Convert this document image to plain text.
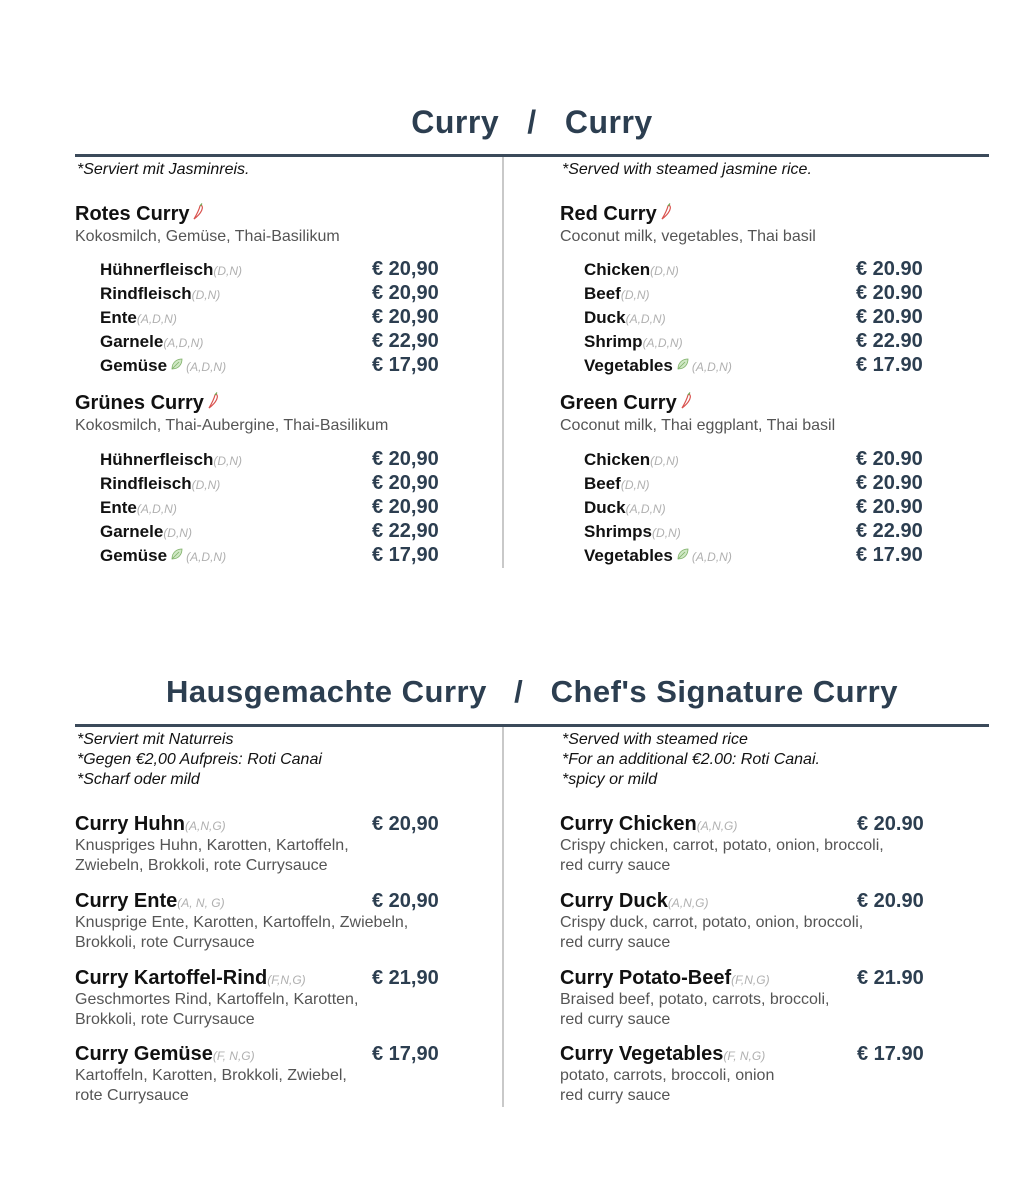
Curry   /   Curry
*Serviert mit Jasminreis.
Rotes Curry
Kokosmilch, Gemüse, Thai-Basilikum
Hühnerfleisch(D,N)	€ 20,90
Rindfleisch(D,N)	€ 20,90
Ente(A,D,N)	€ 20,90
Garnele(A,D,N)	€ 22,90
Gemüse (A,D,N)	€ 17,90
Grünes Curry
Kokosmilch, Thai-Aubergine, Thai-Basilikum
Hühnerfleisch(D,N)	€ 20,90
Rindfleisch(D,N)	€ 20,90
Ente(A,D,N)	€ 20,90
Garnele(D,N)	€ 22,90
Gemüse (A,D,N)	€ 17,90
*Served with steamed jasmine rice.
Red Curry
Coconut milk, vegetables, Thai basil
Chicken(D,N)	€ 20.90
Beef(D,N)	€ 20.90
Duck(A,D,N)	€ 20.90
Shrimp(A,D,N)	€ 22.90
Vegetables (A,D,N)	€ 17.90
Green Curry
Coconut milk, Thai eggplant, Thai basil
Chicken(D,N)	€ 20.90
Beef(D,N)	€ 20.90
Duck(A,D,N)	€ 20.90
Shrimps(D,N)	€ 22.90
Vegetables (A,D,N)	€ 17.90
Hausgemachte Curry   /   Chef's Signature Curry
*Serviert mit Naturreis
*Gegen €2,00 Aufpreis: Roti Canai
*Scharf oder mild
Curry Huhn(A,N,G)	€ 20,90
Knuspriges Huhn, Karotten, Kartoffeln,
Zwiebeln, Brokkoli, rote Currysauce
Curry Ente(A, N, G)	€ 20,90
Knusprige Ente, Karotten, Kartoffeln, Zwiebeln,
Brokkoli, rote Currysauce
Curry Kartoffel-Rind(F,N,G)	€ 21,90
Geschmortes Rind, Kartoffeln, Karotten,
Brokkoli, rote Currysauce
Curry Gemüse(F, N,G)	€ 17,90
Kartoffeln, Karotten, Brokkoli, Zwiebel,
rote Currysauce
*Served with steamed rice
*For an additional €2.00: Roti Canai.
*spicy or mild
Curry Chicken(A,N,G)	€ 20.90
Crispy chicken, carrot, potato, onion, broccoli,
red curry sauce
Curry Duck(A,N,G)	€ 20.90
Crispy duck, carrot, potato, onion, broccoli,
red curry sauce
Curry Potato-Beef(F,N,G)	€ 21.90
Braised beef, potato, carrots, broccoli,
red curry sauce
Curry Vegetables(F, N,G)	€ 17.90
potato, carrots, broccoli, onion
red curry sauce
